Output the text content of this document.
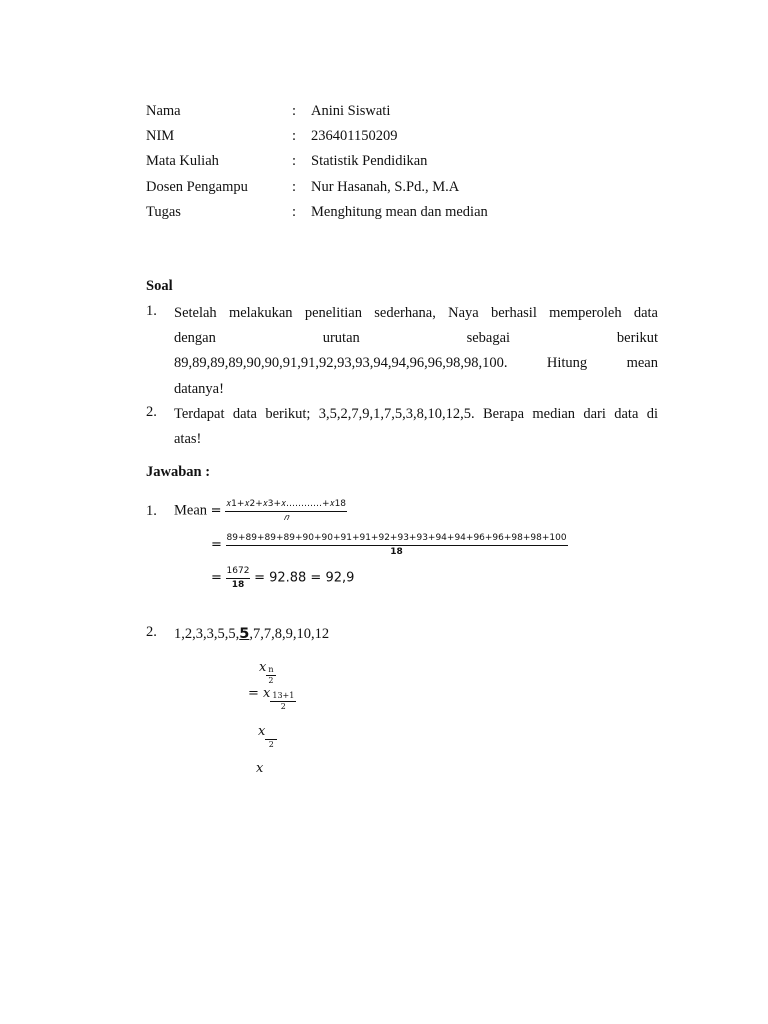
Nama	: Anini Siswati
NIM	: 236401150209
Mata Kuliah	: Statistik Pendidikan
Dosen Pengampu	: Nur Hasanah, S.Pd., M.A
Tugas	: Menghitung mean dan median
Soal
1. Setelah melakukan penelitian sederhana, Naya berhasil memperoleh data
dengan urutan sebagai berikut
89,89,89,89,90,90,91,91,92,93,93,94,94,96,96,98,98,100. Hitung mean
datanya!
2. Terdapat data berikut; 3,5,2,7,9,1,7,5,3,8,10,12,5. Berapa median dari data di
atas!
Jawaban :
1. Mean = $\frac{\text{𝑥1+𝑥2+𝑥3+𝑥…………+𝑥18}}{\text{𝑛}}$
= $\frac{89+89+89+89+90+90+91+91+92+93+93+94+94+96+96+98+98+100}{18}$
= $\frac{1672}{18} = 92.88 = 92,9$
2. 1,2,3,3,5,5,5,7,7,8,9,10,12
x $\frac{n}{2}$
= x $\frac{13+1}{2}$
x

2
x
